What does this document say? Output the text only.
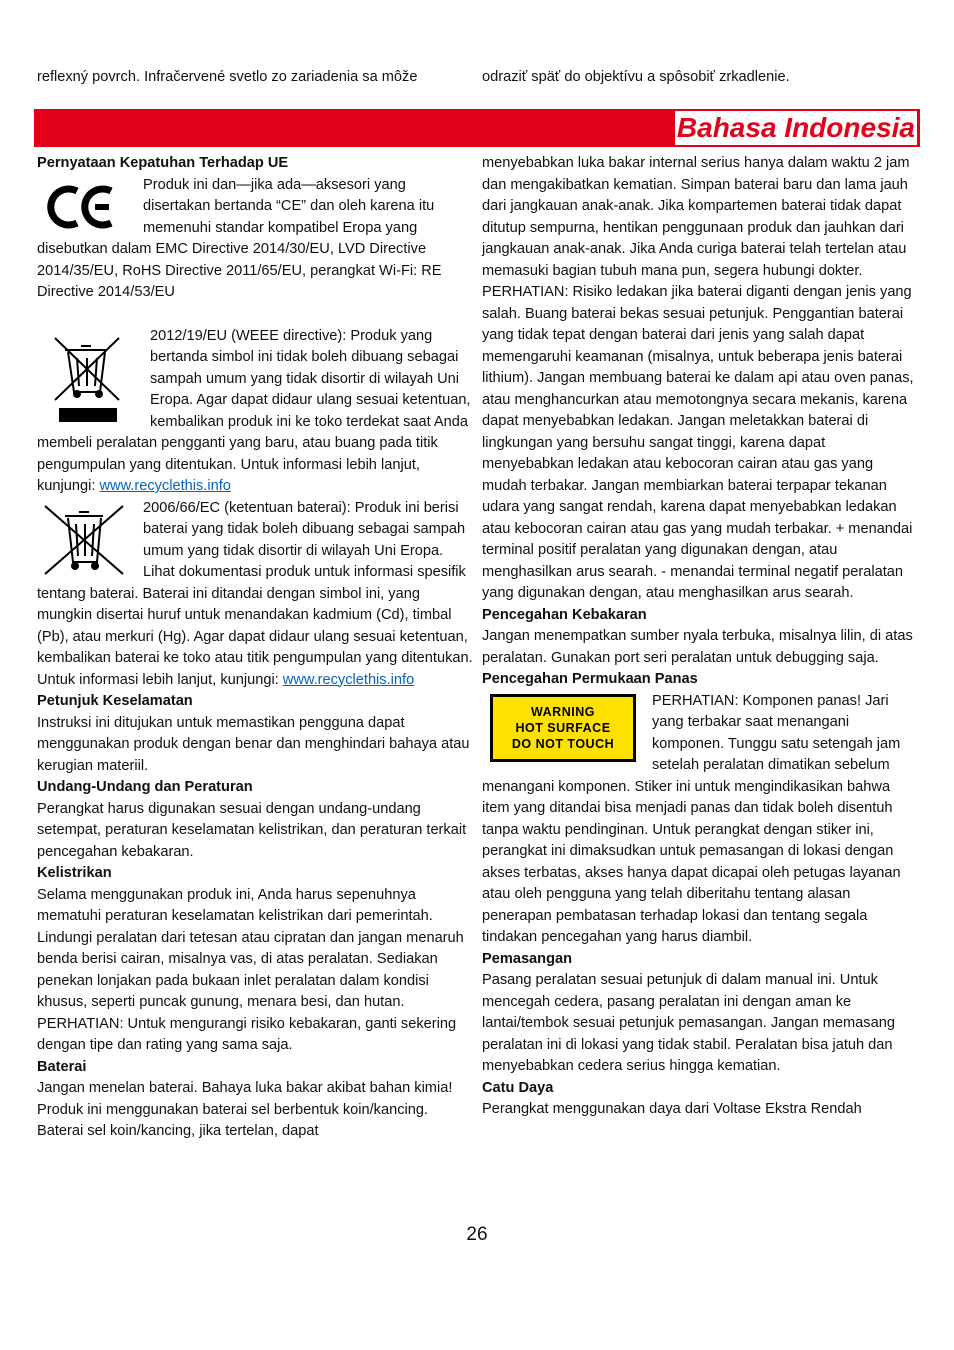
reflexný povrch. Infračervené svetlo zo zariadenia sa môže	odraziť späť do objektívu a spôsobiť zrkadlenie.
Bahasa Indonesia
Pernyataan Kepatuhan Terhadap UE

Produk ini dan—jika ada—aksesori yang disertakan bertanda “CE” dan oleh karena itu memenuhi standar kompatibel Eropa yang disebutkan dalam EMC Directive 2014/30/EU, LVD Directive 2014/35/EU, RoHS Directive 2011/65/EU, perangkat Wi-Fi: RE Directive 2014/53/EU

2012/19/EU (WEEE directive): Produk yang bertanda simbol ini tidak boleh dibuang sebagai sampah umum yang tidak disortir di wilayah Uni Eropa. Agar dapat didaur ulang sesuai ketentuan, kembalikan produk ini ke toko terdekat saat Anda membeli peralatan pengganti yang baru, atau buang pada titik pengumpulan yang ditentukan. Untuk informasi lebih lanjut, kunjungi: www.recyclethis.info

2006/66/EC (ketentuan baterai): Produk ini berisi baterai yang tidak boleh dibuang sebagai sampah umum yang tidak disortir di wilayah Uni Eropa. Lihat dokumentasi produk untuk informasi spesifik tentang baterai. Baterai ini ditandai dengan simbol ini, yang mungkin disertai huruf untuk menandakan kadmium (Cd), timbal (Pb), atau merkuri (Hg). Agar dapat didaur ulang sesuai ketentuan, kembalikan baterai ke toko atau titik pengumpulan yang ditentukan. Untuk informasi lebih lanjut, kunjungi: www.recyclethis.info

Petunjuk Keselamatan

Instruksi ini ditujukan untuk memastikan pengguna dapat menggunakan produk dengan benar dan menghindari bahaya atau kerugian materiil.

Undang-Undang dan Peraturan

Perangkat harus digunakan sesuai dengan undang-undang setempat, peraturan keselamatan kelistrikan, dan peraturan terkait pencegahan kebakaran.

Kelistrikan

Selama menggunakan produk ini, Anda harus sepenuhnya mematuhi peraturan keselamatan kelistrikan dari pemerintah. Lindungi peralatan dari tetesan atau cipratan dan jangan menaruh benda berisi cairan, misalnya vas, di atas peralatan. Sediakan penekan lonjakan pada bukaan inlet peralatan dalam kondisi khusus, seperti puncak gunung, menara besi, dan hutan. PERHATIAN: Untuk mengurangi risiko kebakaran, ganti sekering dengan tipe dan rating yang sama saja.

Baterai

Jangan menelan baterai. Bahaya luka bakar akibat bahan kimia! Produk ini menggunakan baterai sel berbentuk koin/kancing. Baterai sel koin/kancing, jika tertelan, dapat

menyebabkan luka bakar internal serius hanya dalam waktu 2 jam dan mengakibatkan kematian. Simpan baterai baru dan lama jauh dari jangkauan anak-anak. Jika kompartemen baterai tidak dapat ditutup sempurna, hentikan penggunaan produk dan jauhkan dari jangkauan anak-anak. Jika Anda curiga baterai telah tertelan atau memasuki bagian tubuh mana pun, segera hubungi dokter. PERHATIAN: Risiko ledakan jika baterai diganti dengan jenis yang salah. Buang baterai bekas sesuai petunjuk. Penggantian baterai yang tidak tepat dengan baterai dari jenis yang salah dapat memengaruhi keamanan (misalnya, untuk beberapa jenis baterai lithium). Jangan membuang baterai ke dalam api atau oven panas, atau menghancurkan atau memotongnya secara mekanis, karena dapat menyebabkan ledakan. Jangan meletakkan baterai di lingkungan yang bersuhu sangat tinggi, karena dapat menyebabkan ledakan atau kebocoran cairan atau gas yang mudah terbakar. Jangan membiarkan baterai terpapar tekanan udara yang sangat rendah, karena dapat menyebabkan ledakan atau kebocoran cairan atau gas yang mudah terbakar. + menandai terminal positif peralatan yang digunakan dengan, atau menghasilkan arus searah. - menandai terminal negatif peralatan yang digunakan dengan, atau menghasilkan arus searah.

Pencegahan Kebakaran

Jangan menempatkan sumber nyala terbuka, misalnya lilin, di atas peralatan. Gunakan port seri peralatan untuk debugging saja.

Pencegahan Permukaan Panas
WARNING
HOT SURFACE
DO NOT TOUCH

PERHATIAN: Komponen panas! Jari yang terbakar saat menangani komponen. Tunggu satu setengah jam setelah peralatan dimatikan sebelum menangani komponen. Stiker ini untuk mengindikasikan bahwa item yang ditandai bisa menjadi panas dan tidak boleh disentuh tanpa waktu pendinginan. Untuk perangkat dengan stiker ini, perangkat ini dimaksudkan untuk pemasangan di lokasi dengan akses terbatas, akses hanya dapat dicapai oleh petugas layanan atau oleh pengguna yang telah diberitahu tentang alasan penerapan pembatasan terhadap lokasi dan tentang segala tindakan pencegahan yang harus diambil.

Pemasangan

Pasang peralatan sesuai petunjuk di dalam manual ini. Untuk mencegah cedera, pasang peralatan ini dengan aman ke lantai/tembok sesuai petunjuk pemasangan. Jangan memasang peralatan ini di lokasi yang tidak stabil. Peralatan bisa jatuh dan menyebabkan cedera serius hingga kematian.

Catu Daya

Perangkat menggunakan daya dari Voltase Ekstra Rendah

26
